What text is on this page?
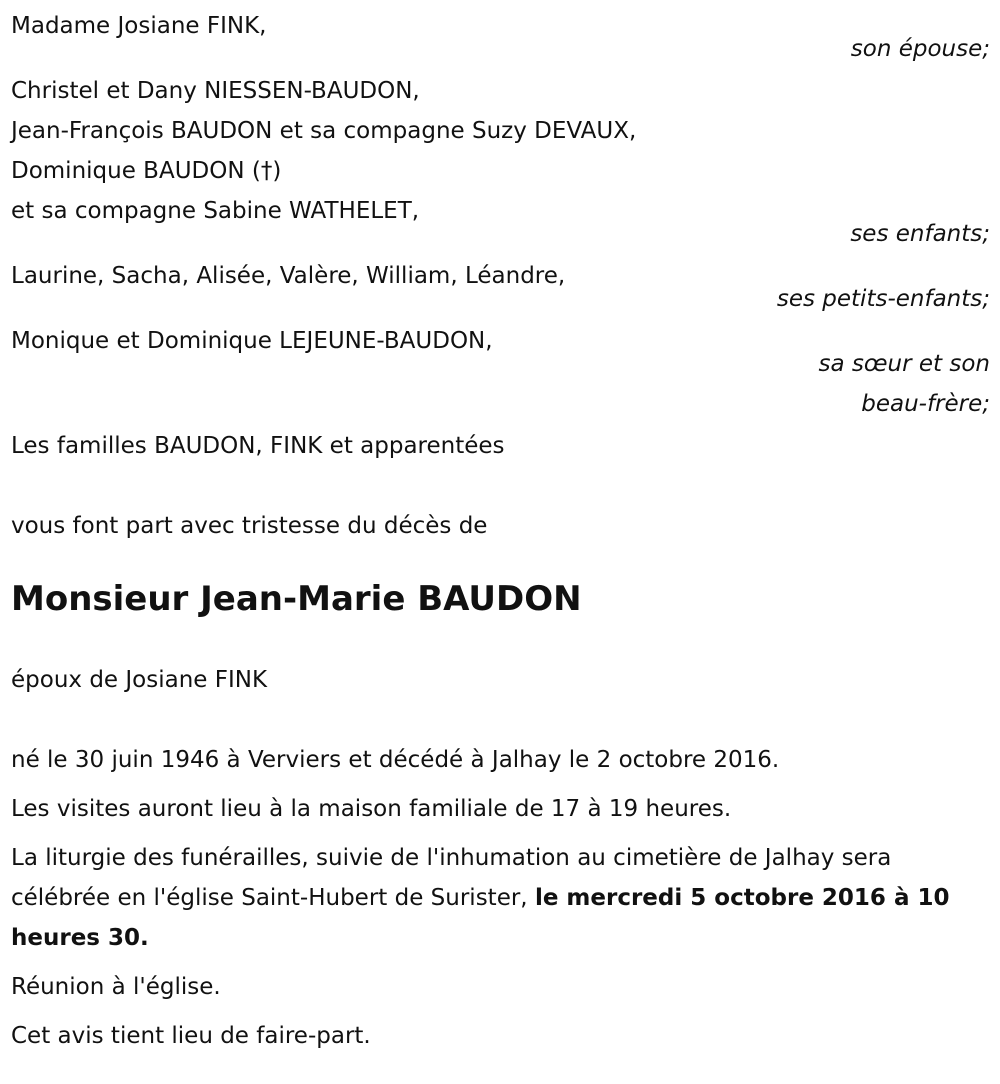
Madame Josiane FINK,
son épouse;
Christel et Dany NIESSEN-BAUDON,
Jean-François BAUDON et sa compagne Suzy DEVAUX,
Dominique BAUDON (†)
et sa compagne Sabine WATHELET,
ses enfants;
Laurine, Sacha, Alisée, Valère, William, Léandre,
ses petits-enfants;
Monique et Dominique LEJEUNE-BAUDON,
sa sœur et son
beau-frère;
Les familles BAUDON, FINK et apparentées
vous font part avec tristesse du décès de
Monsieur Jean-Marie BAUDON
époux de Josiane FINK
né le 30 juin 1946 à Verviers et décédé à Jalhay le 2 octobre 2016.
Les visites auront lieu à la maison familiale de 17 à 19 heures.

La liturgie des funérailles, suivie de l'inhumation au cimetière de Jalhay sera célébrée en l'église Saint-Hubert de Surister, le mercredi 5 octobre 2016 à 10 heures 30.

Réunion à l'église.
Cet avis tient lieu de faire-part.
